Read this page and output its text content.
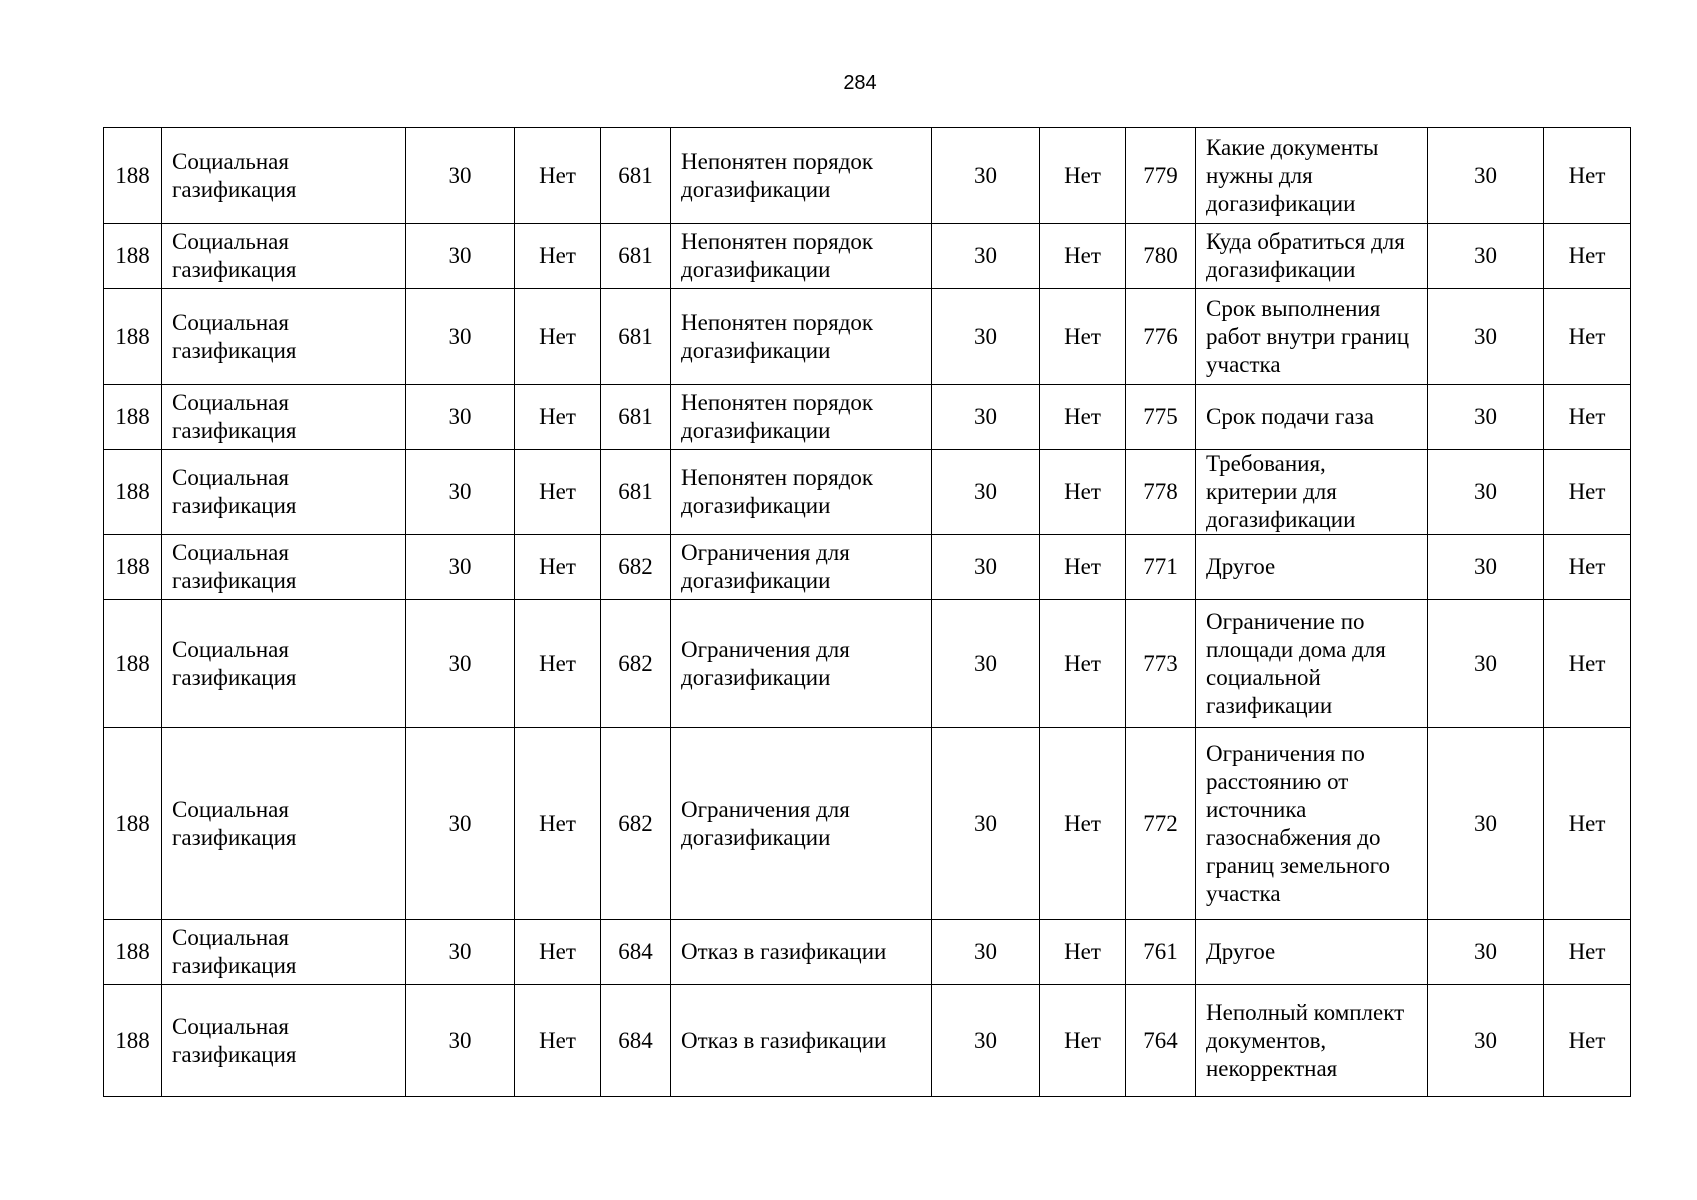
284
188	Социальная газификация	30	Нет	681	Непонятен порядок догазификации	30	Нет	779	Какие документы нужны для догазификации	30	Нет
188	Социальная газификация	30	Нет	681	Непонятен порядок догазификации	30	Нет	780	Куда обратиться для догазификации	30	Нет
188	Социальная газификация	30	Нет	681	Непонятен порядок догазификации	30	Нет	776	Срок выполнения работ внутри границ участка	30	Нет
188	Социальная газификация	30	Нет	681	Непонятен порядок догазификации	30	Нет	775	Срок подачи газа	30	Нет
188	Социальная газификация	30	Нет	681	Непонятен порядок догазификации	30	Нет	778	Требования, критерии для догазификации	30	Нет
188	Социальная газификация	30	Нет	682	Ограничения для догазификации	30	Нет	771	Другое	30	Нет
188	Социальная газификация	30	Нет	682	Ограничения для догазификации	30	Нет	773	Ограничение по площади дома для социальной газификации	30	Нет
188	Социальная газификация	30	Нет	682	Ограничения для догазификации	30	Нет	772	Ограничения по расстоянию от источника газоснабжения до границ земельного участка	30	Нет
188	Социальная газификация	30	Нет	684	Отказ в газификации	30	Нет	761	Другое	30	Нет
188	Социальная газификация	30	Нет	684	Отказ в газификации	30	Нет	764	Неполный комплект документов, некорректная	30	Нет
